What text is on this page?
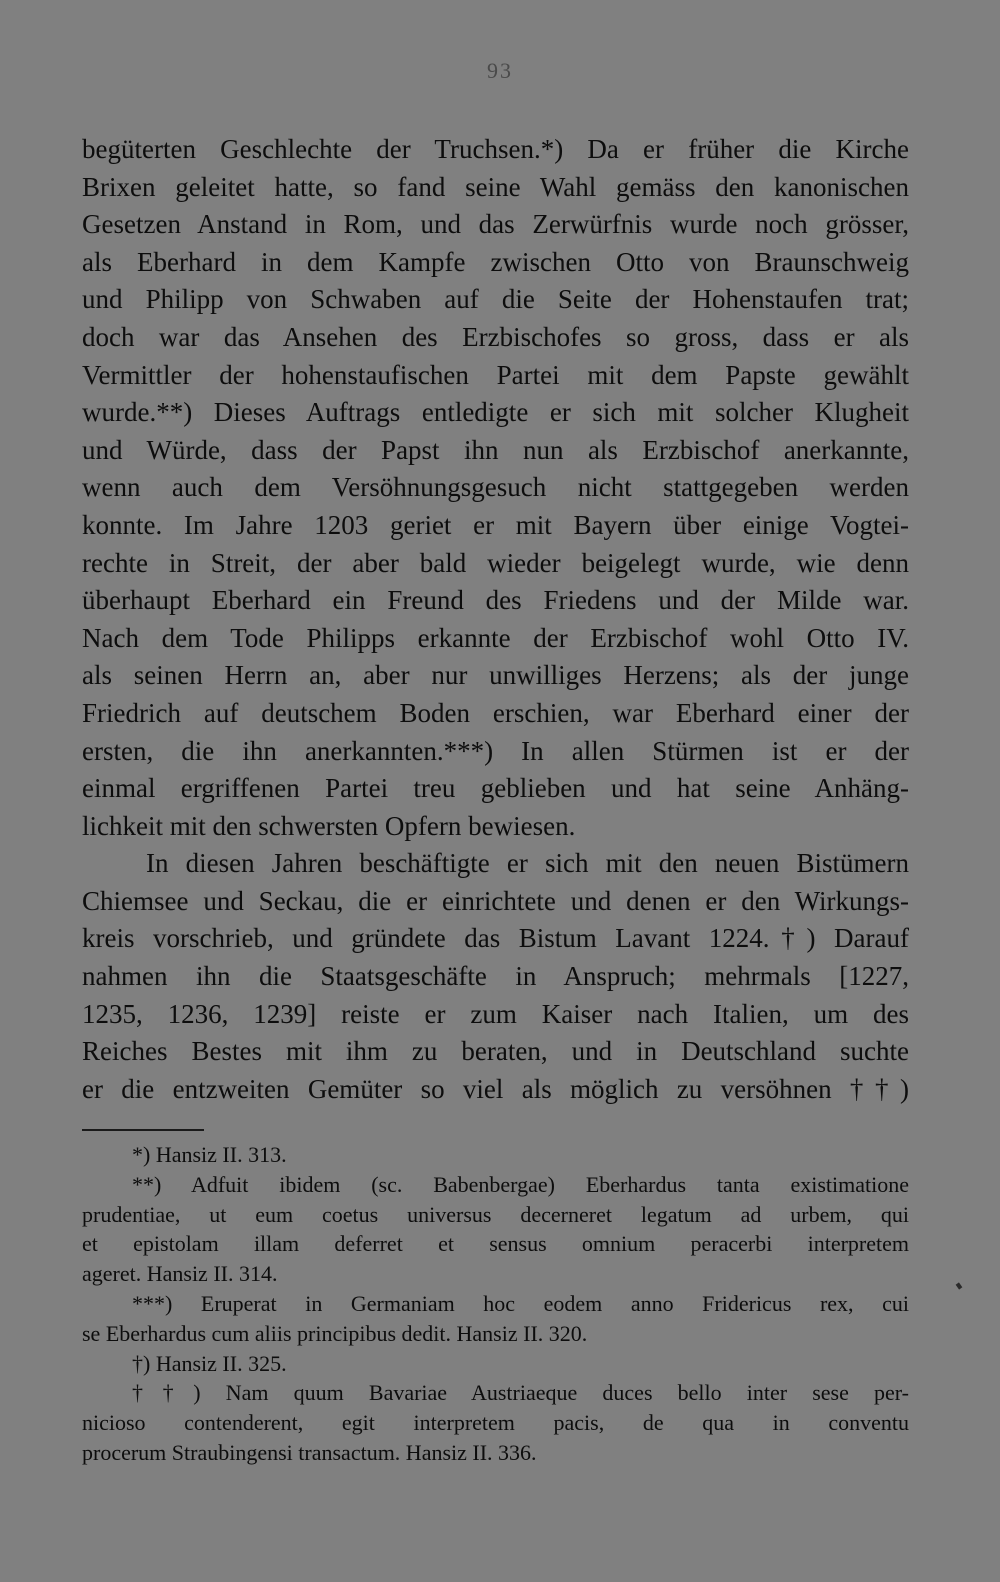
93
begüterten Geschlechte der Truchsen.*) Da er früher die Kirche
Brixen geleitet hatte, so fand seine Wahl gemäss den kanonischen
Gesetzen Anstand in Rom, und das Zerwürfnis wurde noch grösser,
als Eberhard in dem Kampfe zwischen Otto von Braunschweig
und Philipp von Schwaben auf die Seite der Hohenstaufen trat;
doch war das Ansehen des Erzbischofes so gross, dass er als
Vermittler der hohenstaufischen Partei mit dem Papste gewählt
wurde.**) Dieses Auftrags entledigte er sich mit solcher Klugheit
und Würde, dass der Papst ihn nun als Erzbischof anerkannte,
wenn auch dem Versöhnungsgesuch nicht stattgegeben werden
konnte. Im Jahre 1203 geriet er mit Bayern über einige Vogtei-
rechte in Streit, der aber bald wieder beigelegt wurde, wie denn
überhaupt Eberhard ein Freund des Friedens und der Milde war.
Nach dem Tode Philipps erkannte der Erzbischof wohl Otto IV.
als seinen Herrn an, aber nur unwilliges Herzens; als der junge
Friedrich auf deutschem Boden erschien, war Eberhard einer der
ersten, die ihn anerkannten.***) In allen Stürmen ist er der
einmal ergriffenen Partei treu geblieben und hat seine Anhäng-
lichkeit mit den schwersten Opfern bewiesen.
In diesen Jahren beschäftigte er sich mit den neuen Bistümern
Chiemsee und Seckau, die er einrichtete und denen er den Wirkungs-
kreis vorschrieb, und gründete das Bistum Lavant 1224.†) Darauf
nahmen ihn die Staatsgeschäfte in Anspruch; mehrmals [1227,
1235, 1236, 1239] reiste er zum Kaiser nach Italien, um des
Reiches Bestes mit ihm zu beraten, und in Deutschland suchte
er die entzweiten Gemüter so viel als möglich zu versöhnen ††)
*) Hansiz II. 313.
**) Adfuit ibidem (sc. Babenbergae) Eberhardus tanta existimatione
prudentiae, ut eum coetus universus decerneret legatum ad urbem, qui
et epistolam illam deferret et sensus omnium peracerbi interpretem
ageret. Hansiz II. 314.
***) Eruperat in Germaniam hoc eodem anno Fridericus rex, cui
se Eberhardus cum aliis principibus dedit. Hansiz II. 320.
†) Hansiz II. 325.
††) Nam quum Bavariae Austriaeque duces bello inter sese per-
nicioso contenderent, egit interpretem pacis, de qua in conventu
procerum Straubingensi transactum. Hansiz II. 336.
